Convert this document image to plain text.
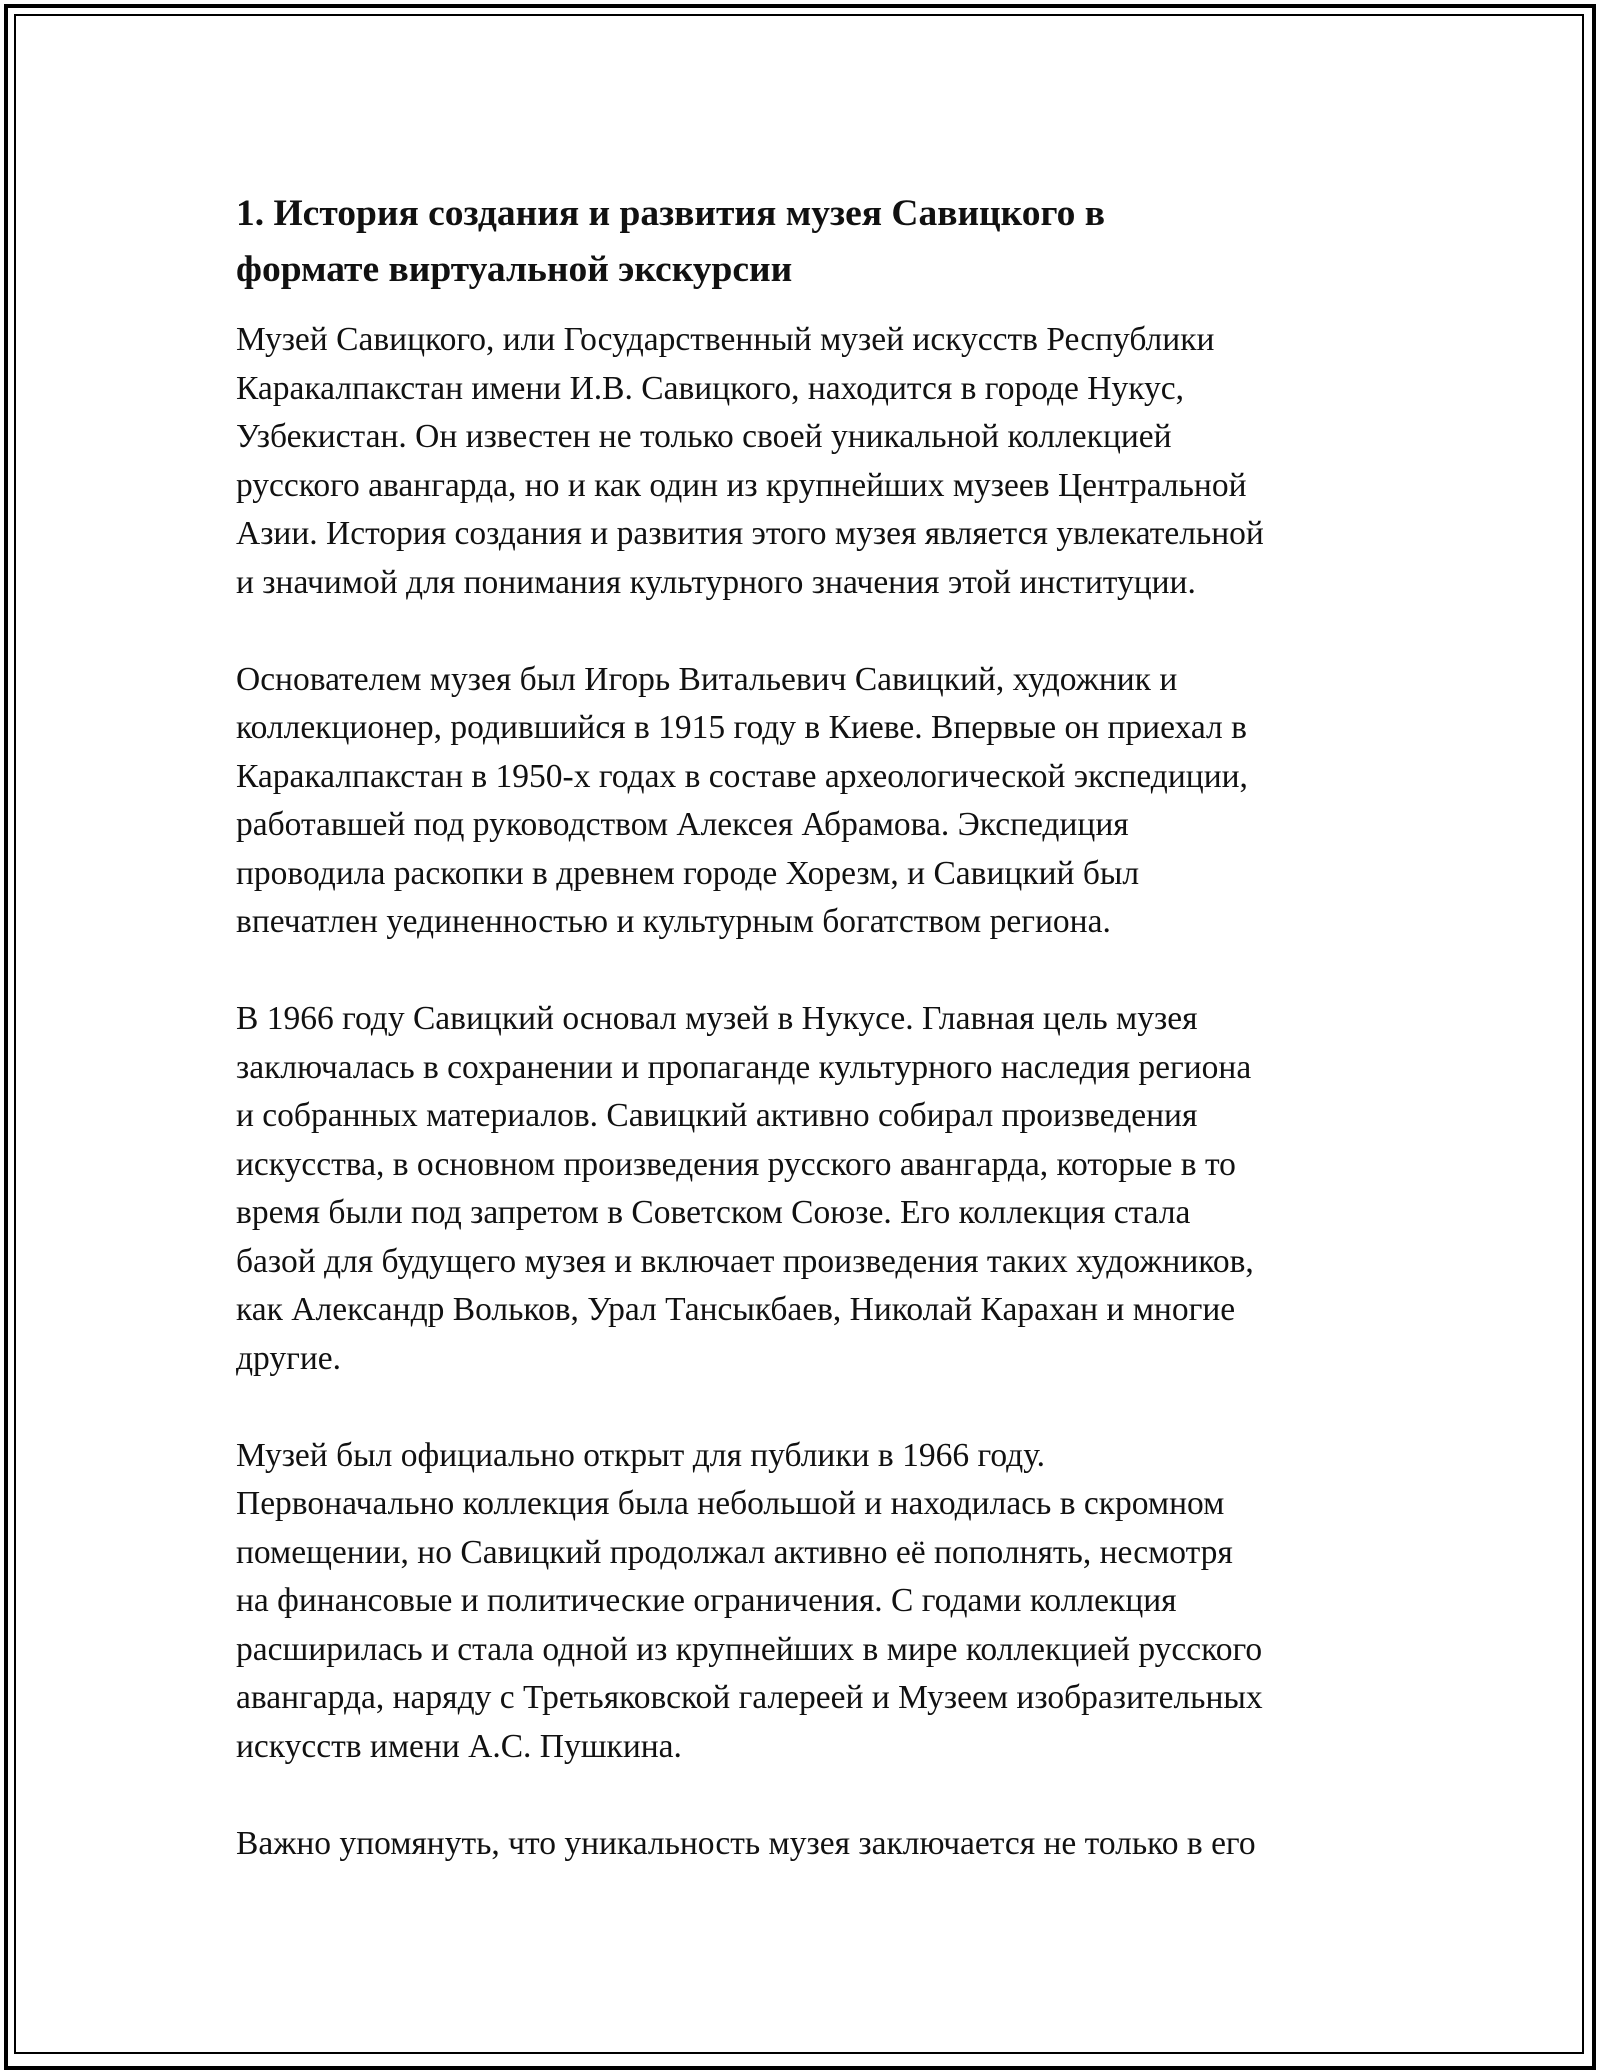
1. История создания и развития музея Савицкого в
формате виртуальной экскурсии
Музей Савицкого, или Государственный музей искусств Республики
Каракалпакстан имени И.В. Савицкого, находится в городе Нукус,
Узбекистан. Он известен не только своей уникальной коллекцией
русского авангарда, но и как один из крупнейших музеев Центральной
Азии. История создания и развития этого музея является увлекательной
и значимой для понимания культурного значения этой институции.
Основателем музея был Игорь Витальевич Савицкий, художник и
коллекционер, родившийся в 1915 году в Киеве. Впервые он приехал в
Каракалпакстан в 1950-х годах в составе археологической экспедиции,
работавшей под руководством Алексея Абрамова. Экспедиция
проводила раскопки в древнем городе Хорезм, и Савицкий был
впечатлен уединенностью и культурным богатством региона.
В 1966 году Савицкий основал музей в Нукусе. Главная цель музея
заключалась в сохранении и пропаганде культурного наследия региона
и собранных материалов. Савицкий активно собирал произведения
искусства, в основном произведения русского авангарда, которые в то
время были под запретом в Советском Союзе. Его коллекция стала
базой для будущего музея и включает произведения таких художников,
как Александр Вольков, Урал Тансыкбаев, Николай Карахан и многие
другие.
Музей был официально открыт для публики в 1966 году.
Первоначально коллекция была небольшой и находилась в скромном
помещении, но Савицкий продолжал активно её пополнять, несмотря
на финансовые и политические ограничения. С годами коллекция
расширилась и стала одной из крупнейших в мире коллекцией русского
авангарда, наряду с Третьяковской галереей и Музеем изобразительных
искусств имени А.С. Пушкина.
Важно упомянуть, что уникальность музея заключается не только в его
